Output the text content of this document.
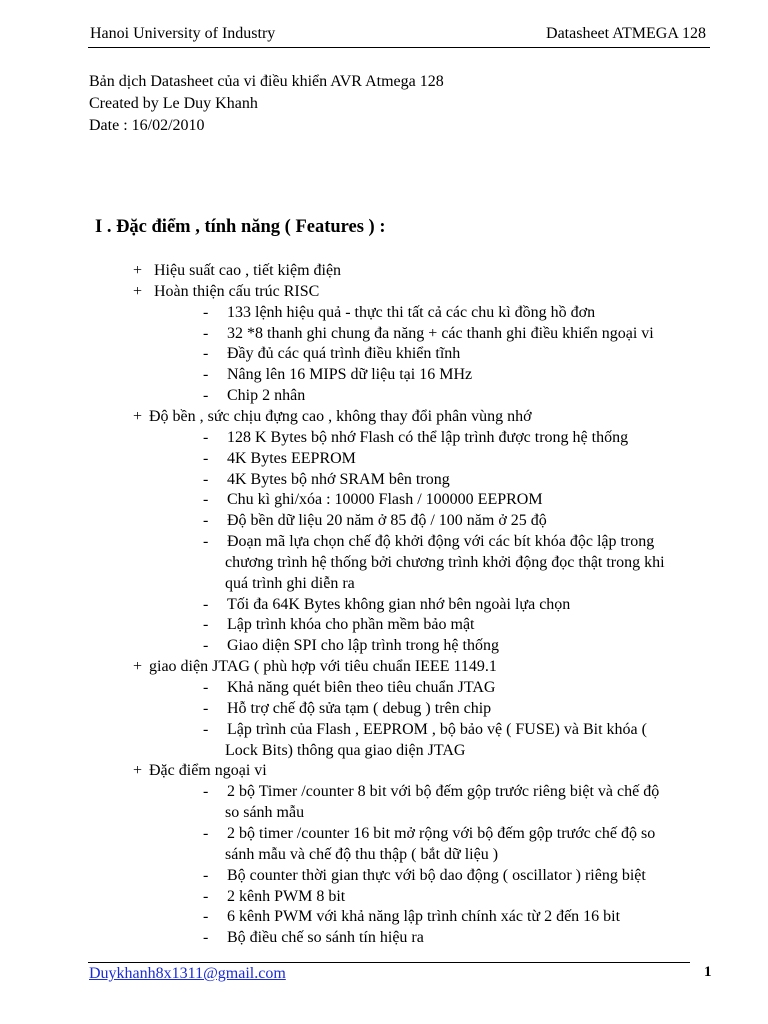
Hanoi University of Industry	Datasheet ATMEGA 128
Bản dịch Datasheet của vi điều khiển AVR Atmega 128
Created by Le Duy Khanh
Date : 16/02/2010
I . Đặc điểm , tính năng ( Features ) :
+ Hiệu suất cao , tiết kiệm điện
+ Hoàn thiện cấu trúc RISC
- 133 lệnh hiệu quả - thực thi tất cả các chu kì đồng hồ đơn
- 32 *8 thanh ghi chung đa năng + các thanh ghi điều khiển ngoại vi
- Đầy đủ các quá trình điều khiển tĩnh
- Nâng lên 16 MIPS dữ liệu tại 16 MHz
- Chip 2 nhân
+ Độ bền , sức chịu đựng cao , không thay đổi phân vùng nhớ
- 128 K Bytes bộ nhớ Flash có thể lập trình được trong hệ thống
- 4K Bytes EEPROM
- 4K Bytes bộ nhớ SRAM bên trong
- Chu kì ghi/xóa : 10000 Flash / 100000 EEPROM
- Độ bền dữ liệu 20 năm ở 85 độ / 100 năm ở 25 độ
- Đoạn mã lựa chọn chế độ khởi động với các bít khóa độc lập trong
chương trình hệ thống bởi chương trình khởi động đọc thật trong khi
quá trình ghi diễn ra
- Tối đa 64K Bytes không gian nhớ bên ngoài lựa chọn
- Lập trình khóa cho phần mềm bảo mật
- Giao diện SPI cho lập trình trong hệ thống
+ giao diện JTAG ( phù hợp với tiêu chuẩn IEEE 1149.1
- Khả năng quét biên theo tiêu chuẩn JTAG
- Hỗ trợ chế độ sửa tạm ( debug ) trên chip
- Lập trình của Flash , EEPROM , bộ bảo vệ ( FUSE) và Bit khóa (
Lock Bits) thông qua giao diện JTAG
+ Đặc điểm ngoại vi
- 2 bộ Timer /counter 8 bit với bộ đếm gộp trước riêng biệt và chế độ
so sánh mẫu
- 2 bộ timer /counter 16 bit mở rộng với bộ đếm gộp trước chế độ so
sánh mẫu và chế độ thu thập ( bắt dữ liệu )
- Bộ counter thời gian thực với bộ dao động ( oscillator ) riêng biệt
- 2 kênh PWM 8 bit
- 6 kênh PWM với khả năng lập trình chính xác từ 2 đến 16 bit
- Bộ điều chế so sánh tín hiệu ra
Duykhanh8x1311@gmail.com	1
